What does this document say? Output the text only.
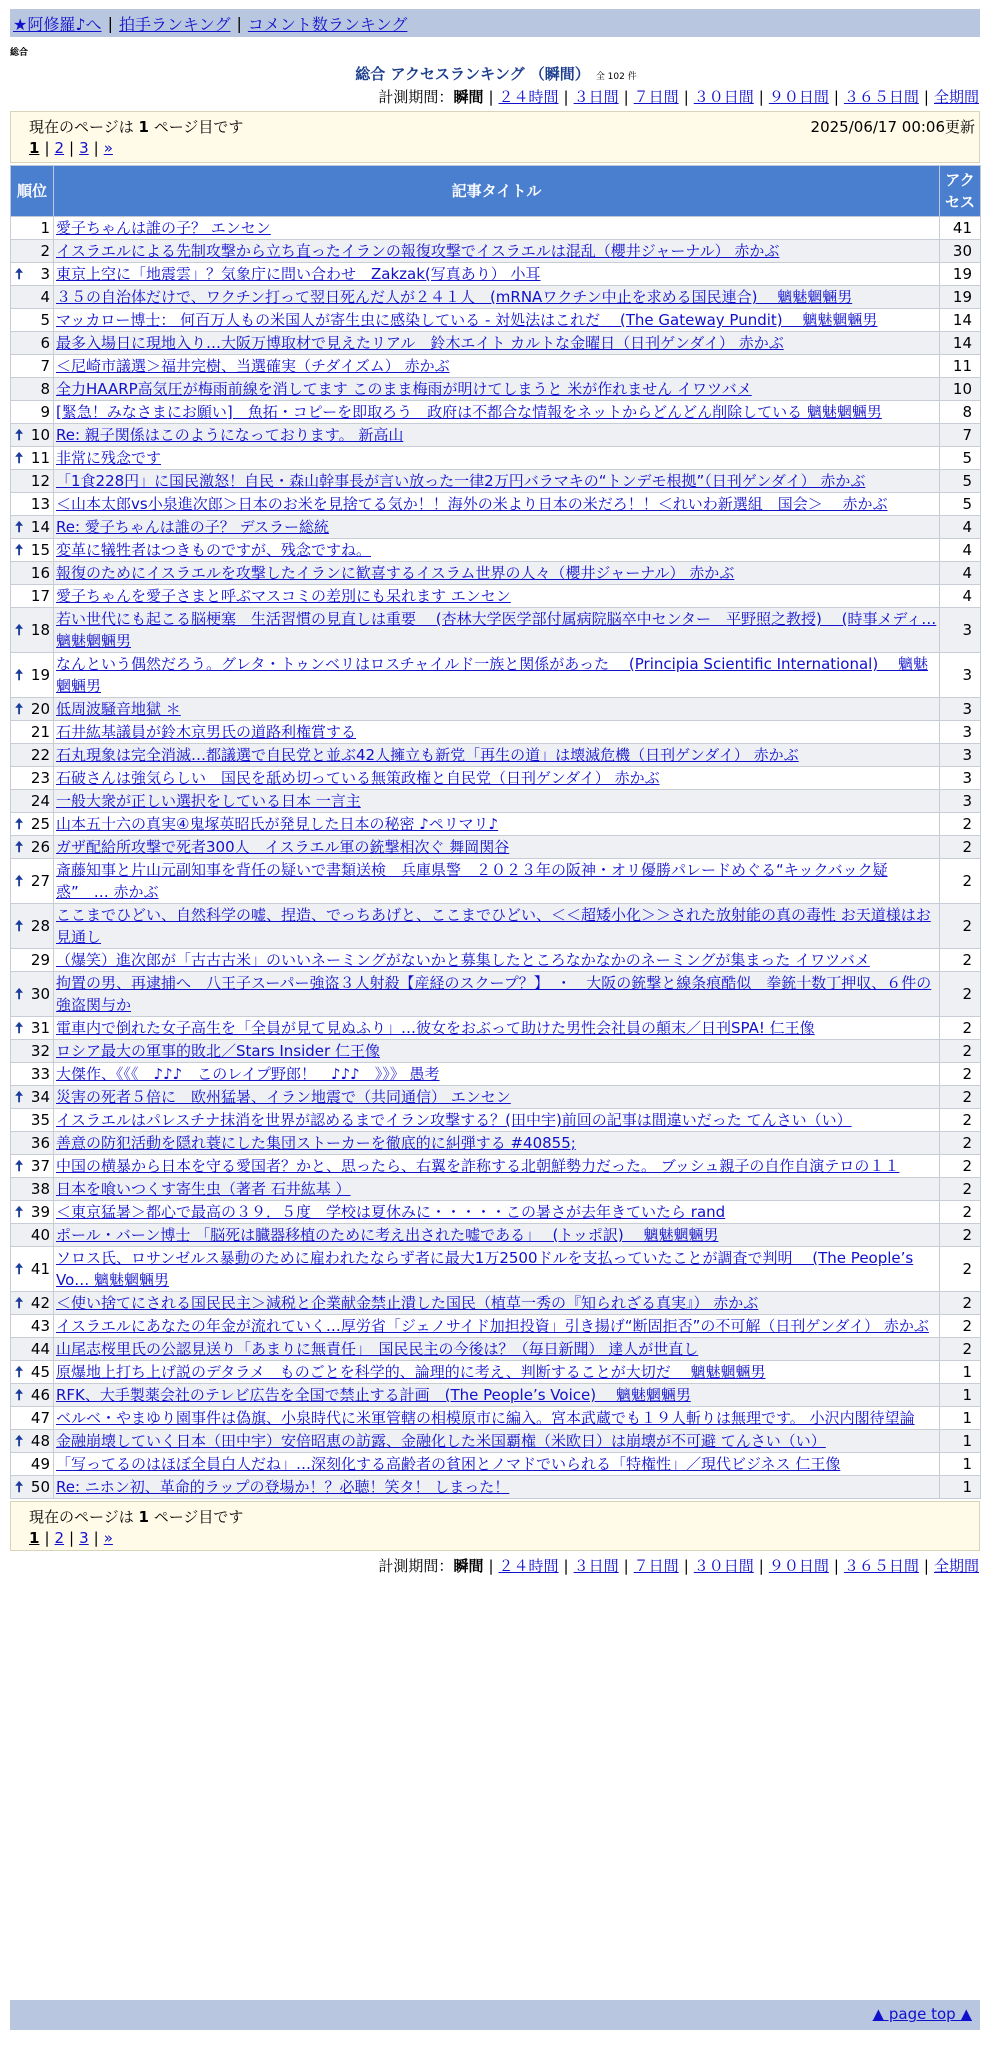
★阿修羅♪へ | 拍手ランキング | コメント数ランキング
総合
総合 アクセスランキング （瞬間） 全 102 件
計測期間：瞬間 | ２４時間 | ３日間 | ７日間 | ３０日間 | ９０日間 | ３６５日間 | 全期間
現在のページは 1 ページ目です	2025/06/17 00:06更新
1 | 2 | 3 | »
順位	記事タイトル	アクセス
1	愛子ちゃんは誰の子？ エンセン	41
2	イスラエルによる先制攻撃から立ち直ったイランの報復攻撃でイスラエルは混乱（櫻井ジャーナル） 赤かぶ	30

🠅 3	東京上空に「地震雲」？気象庁に問い合わせ　Zakzak(写真あり） 小耳	19
4	３５の自治体だけで、ワクチン打って翌日死んだ人が２４１人　(mRNAワクチン中止を求める国民連合)　 魑魅魍魎男	19
5	マッカロー博士： 何百万人もの米国人が寄生虫に感染している - 対処法はこれだ　 (The Gateway Pundit)　 魑魅魍魎男	14
6	最多入場日に現地入り…大阪万博取材で見えたリアル　鈴木エイト カルトな金曜日（日刊ゲンダイ） 赤かぶ	14
7	＜尼崎市議選＞福井完樹、当選確実（チダイズム） 赤かぶ	11
8	全力HAARP高気圧が梅雨前線を消してます このまま梅雨が明けてしまうと 米が作れません イワツバメ	10
9	[緊急！みなさまにお願い]　魚拓・コピーを即取ろう　政府は不都合な情報をネットからどんどん削除している 魑魅魍魎男	8

🠅 10	Re: 親子関係はこのようになっております。 新高山	7

🠅 11	非常に残念です	5
12	「1食228円」に国民激怒！自民・森山幹事長が言い放った一律2万円バラマキの“トンデモ根拠”（日刊ゲンダイ） 赤かぶ	5
13	＜山本太郎vs小泉進次郎＞日本のお米を見捨てる気か！！海外の米より日本の米だろ！！＜れいわ新選組　国会＞　 赤かぶ	5

🠅 14	Re: 愛子ちゃんは誰の子？ デスラー総統	4

🠅 15	変革に犠牲者はつきものですが、残念ですね。	4
16	報復のためにイスラエルを攻撃したイランに歓喜するイスラム世界の人々（櫻井ジャーナル） 赤かぶ	4
17	愛子ちゃんを愛子さまと呼ぶマスコミの差別にも呆れます エンセン	4

🠅 18	若い世代にも起こる脳梗塞　生活習慣の見直しは重要　 (杏林大学医学部付属病院脳卒中センター　平野照之教授)　 (時事メディ… 魑魅魍魎男	3

🠅 19	なんという偶然だろう。グレタ・トゥンベリはロスチャイルド一族と関係があった　 (Principia Scientific International)　 魑魅魍魎男	3

🠅 20	低周波騒音地獄 ＊	3
21	石井紘基議員が鈴木京男氏の道路利権賞する	3
22	石丸現象は完全消滅…都議選で自民党と並ぶ42人擁立も新党「再生の道」は壊滅危機（日刊ゲンダイ） 赤かぶ	3
23	石破さんは強気らしい　国民を舐め切っている無策政権と自民党（日刊ゲンダイ） 赤かぶ	3
24	一般大衆が正しい選択をしている日本 一言主	3

🠅 25	山本五十六の真実④鬼塚英昭氏が発見した日本の秘密 ♪ペリマリ♪	2

🠅 26	ガザ配給所攻撃で死者300人　イスラエル軍の銃撃相次ぐ 舞岡関谷	2

🠅 27	斎藤知事と片山元副知事を背任の疑いで書類送検　兵庫県警　２０２３年の阪神・オリ優勝パレードめぐる“キックバック疑惑”　… 赤かぶ	2

🠅 28	ここまでひどい、自然科学の嘘、捏造、でっちあげと、ここまでひどい、＜＜超矮小化＞＞された放射能の真の毒性 お天道様はお見通し	2
29	（爆笑）進次郎が「古古古米」のいいネーミングがないかと募集したところなかなかのネーミングが集まった イワツバメ	2

🠅 30	拘置の男、再逮捕へ　八王子スーパー強盗３人射殺【産経のスクープ？】　・　大阪の銃撃と線条痕酷似　拳銃十数丁押収、６件の強盗関与か	2

🠅 31	電車内で倒れた女子高生を「全員が見て見ぬふり」…彼女をおぶって助けた男性会社員の顛末／日刊SPA! 仁王像	2
32	ロシア最大の軍事的敗北／Stars Insider 仁王像	2
33	大傑作、《《《　♪♪♪　このレイプ野郎！　♪♪♪　》》》 愚考	2

🠅 34	災害の死者５倍に　欧州猛暑、イラン地震で（共同通信） エンセン	2
35	イスラエルはパレスチナ抹消を世界が認めるまでイラン攻撃する？(田中宇)前回の記事は間違いだった てんさい（い）	2
36	善意の防犯活動を隠れ蓑にした集団ストーカーを徹底的に糾弾する #40855;	2

🠅 37	中国の横暴から日本を守る愛国者？かと、思ったら、右翼を詐称する北朝鮮勢力だった。 ブッシュ親子の自作自演テロの１１	2
38	日本を喰いつくす寄生虫（著者 石井紘基 ）	2

🠅 39	＜東京猛暑＞都心で最高の３９．５度　学校は夏休みに・・・・・この暑さが去年きていたら rand	2
40	ポール・バーン博士 「脳死は臓器移植のために考え出された嘘である」　 (トッポ訳)　 魑魅魍魎男	2

🠅 41	ソロス氏、ロサンゼルス暴動のために雇われたならず者に最大1万2500ドルを支払っていたことが調査で判明　 (The People’s Vo… 魑魅魍魎男	2

🠅 42	＜使い捨てにされる国民民主＞減税と企業献金禁止潰した国民（植草一秀の『知られざる真実』） 赤かぶ	2
43	イスラエルにあなたの年金が流れていく…厚労省「ジェノサイド加担投資」引き揚げ“断固拒否”の不可解（日刊ゲンダイ） 赤かぶ	2
44	山尾志桜里氏の公認見送り「あまりに無責任」　国民民主の今後は？（毎日新聞） 達人が世直し	2

🠅 45	原爆地上打ち上げ説のデタラメ　ものごとを科学的、論理的に考え、判断することが大切だ　 魑魅魍魎男	1

🠅 46	RFK、大手製薬会社のテレビ広告を全国で禁止する計画　(The People’s Voice)　 魑魅魍魎男	1
47	ベルベ・やまゆり園事件は偽旗、小泉時代に米軍管轄の相模原市に編入。宮本武蔵でも１９人斬りは無理です。 小沢内閣待望論	1

🠅 48	金融崩壊していく日本（田中宇）安倍昭恵の訪露、金融化した米国覇権（米欧日）は崩壊が不可避 てんさい（い）	1
49	「写ってるのはほぼ全員白人だね」…深刻化する高齢者の貧困とノマドでいられる「特権性」／現代ビジネス 仁王像	1

🠅 50	Re: ニホン初、革命的ラップの登場か！？必聴！笑タ！ しまった！	1
現在のページは 1 ページ目です
1 | 2 | 3 | »
計測期間：瞬間 | ２４時間 | ３日間 | ７日間 | ３０日間 | ９０日間 | ３６５日間 | 全期間
▲ page top ▲
